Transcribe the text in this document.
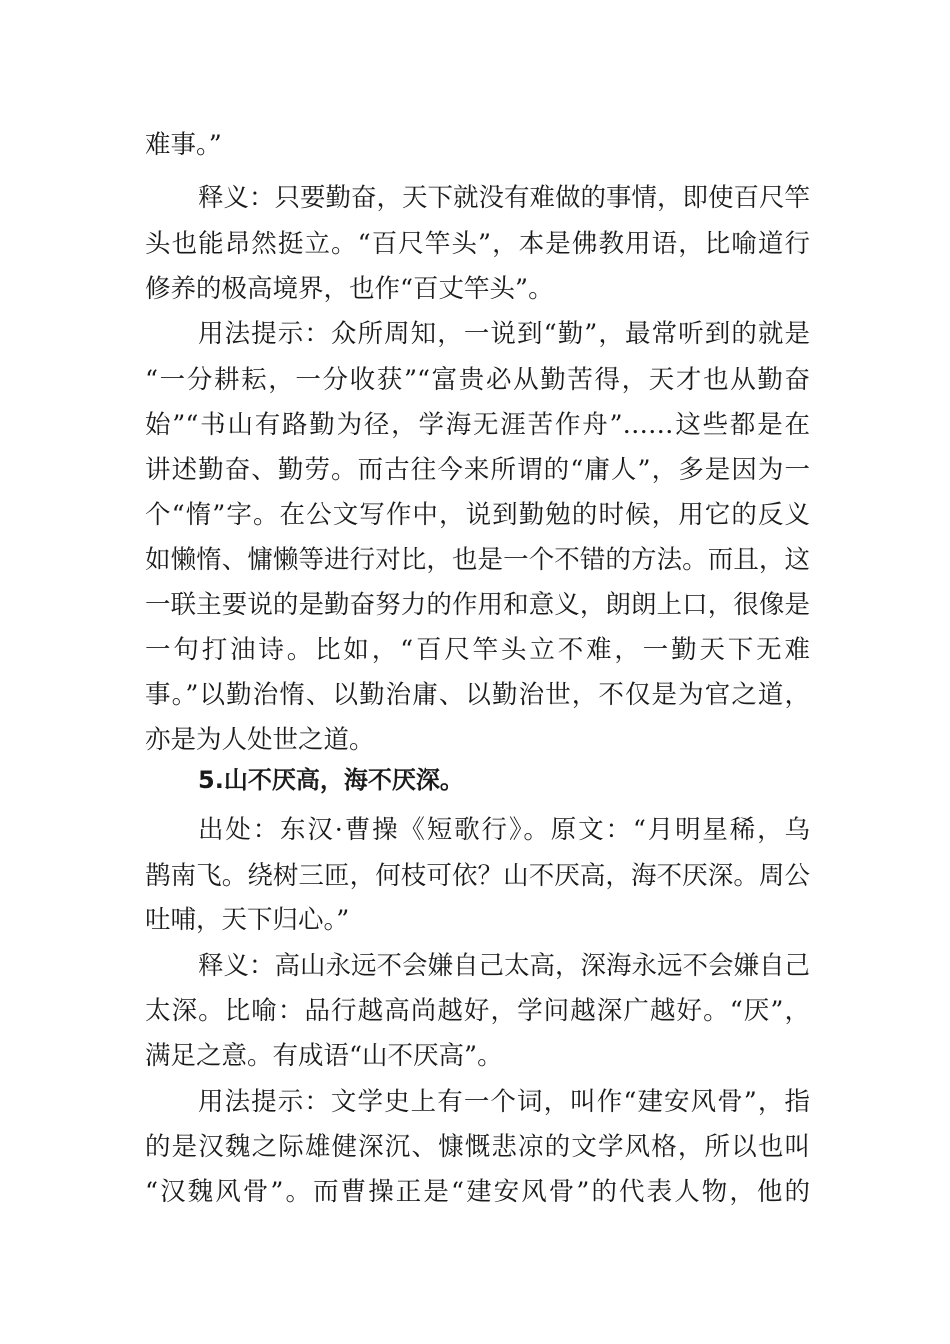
难事。”
释义：只要勤奋，天下就没有难做的事情，即使百尺竿
头也能昂然挺立。“百尺竿头”，本是佛教用语，比喻道行
修养的极高境界，也作“百丈竿头”。
用法提示：众所周知，一说到“勤”，最常听到的就是
“一分耕耘，一分收获”“富贵必从勤苦得，天才也从勤奋
始”“书山有路勤为径，学海无涯苦作舟”……这些都是在
讲述勤奋、勤劳。而古往今来所谓的“庸人”，多是因为一
个“惰”字。在公文写作中，说到勤勉的时候，用它的反义
如懒惰、慵懒等进行对比，也是一个不错的方法。而且，这
一联主要说的是勤奋努力的作用和意义，朗朗上口，很像是
一句打油诗。比如，“百尺竿头立不难，一勤天下无难
事。”以勤治惰、以勤治庸、以勤治世，不仅是为官之道，
亦是为人处世之道。
5.山不厌高，海不厌深。
出处：东汉·曹操《短歌行》。原文：“月明星稀，乌
鹊南飞。绕树三匝，何枝可依？山不厌高，海不厌深。周公
吐哺，天下归心。”
释义：高山永远不会嫌自己太高，深海永远不会嫌自己
太深。比喻：品行越高尚越好，学问越深广越好。“厌”，
满足之意。有成语“山不厌高”。
用法提示：文学史上有一个词，叫作“建安风骨”，指
的是汉魏之际雄健深沉、慷慨悲凉的文学风格，所以也叫
“汉魏风骨”。而曹操正是“建安风骨”的代表人物，他的
